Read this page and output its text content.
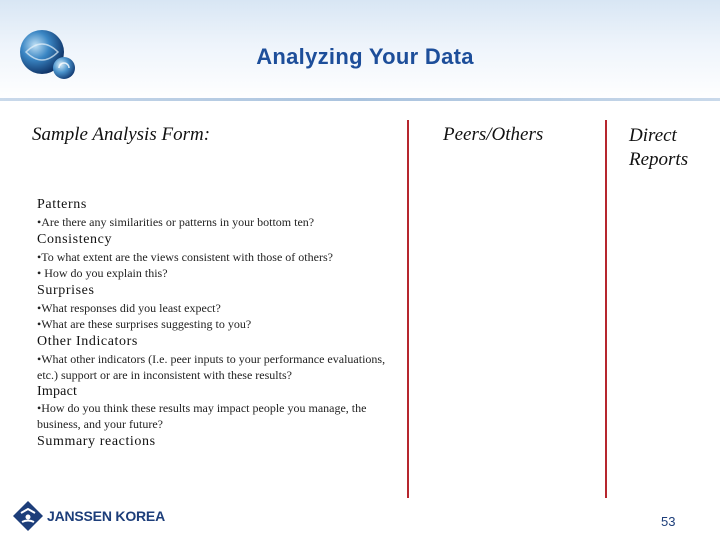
Analyzing Your Data
Sample Analysis Form:	Peers/Others	Direct
Reports
Patterns
•Are there any similarities or patterns in your bottom ten?
Consistency
•To what extent are the views consistent with those of others?
• How do you explain this?
Surprises
•What responses did you least expect?
•What are these surprises suggesting to you?
Other Indicators
•What other indicators (I.e. peer inputs to your performance evaluations, etc.) support or are in inconsistent with these results?
Impact
•How do you think these results may impact people you manage, the business, and your future?
Summary reactions
JANSSEN KOREA	53
